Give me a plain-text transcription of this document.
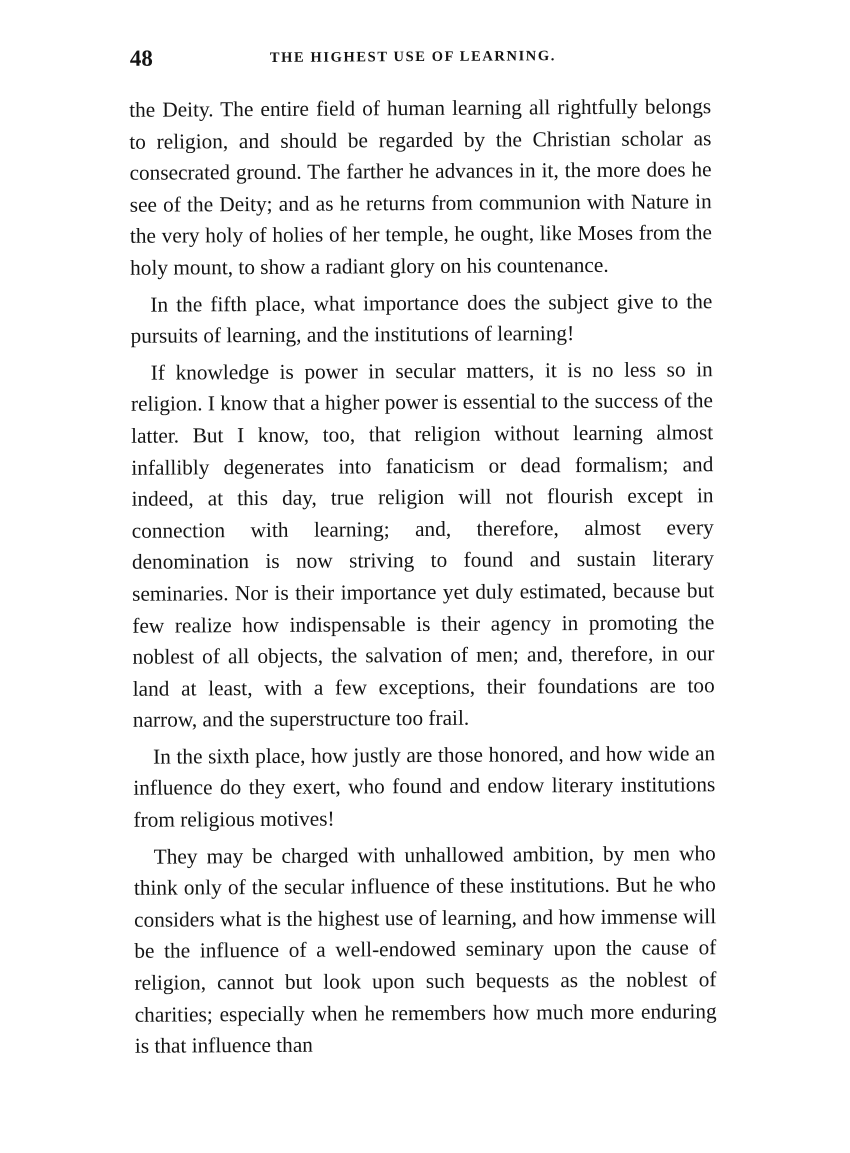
48	THE HIGHEST USE OF LEARNING.

the Deity. The entire field of human learning all rightfully belongs to religion, and should be regarded by the Christian scholar as consecrated ground. The farther he advances in it, the more does he see of the Deity; and as he returns from communion with Nature in the very holy of holies of her temple, he ought, like Moses from the holy mount, to show a radiant glory on his countenance.

In the fifth place, what importance does the subject give to the pursuits of learning, and the institutions of learning!

If knowledge is power in secular matters, it is no less so in religion. I know that a higher power is essential to the success of the latter. But I know, too, that religion without learning almost infallibly degenerates into fanaticism or dead formalism; and indeed, at this day, true religion will not flourish except in connection with learning; and, therefore, almost every denomination is now striving to found and sustain literary seminaries. Nor is their importance yet duly estimated, because but few realize how indispensable is their agency in promoting the noblest of all objects, the salvation of men; and, therefore, in our land at least, with a few exceptions, their foundations are too narrow, and the superstructure too frail.

In the sixth place, how justly are those honored, and how wide an influence do they exert, who found and endow literary institutions from religious motives!

They may be charged with unhallowed ambition, by men who think only of the secular influence of these institutions. But he who considers what is the highest use of learning, and how immense will be the influence of a well-endowed seminary upon the cause of religion, cannot but look upon such bequests as the noblest of charities; especially when he remembers how much more enduring is that influence than
